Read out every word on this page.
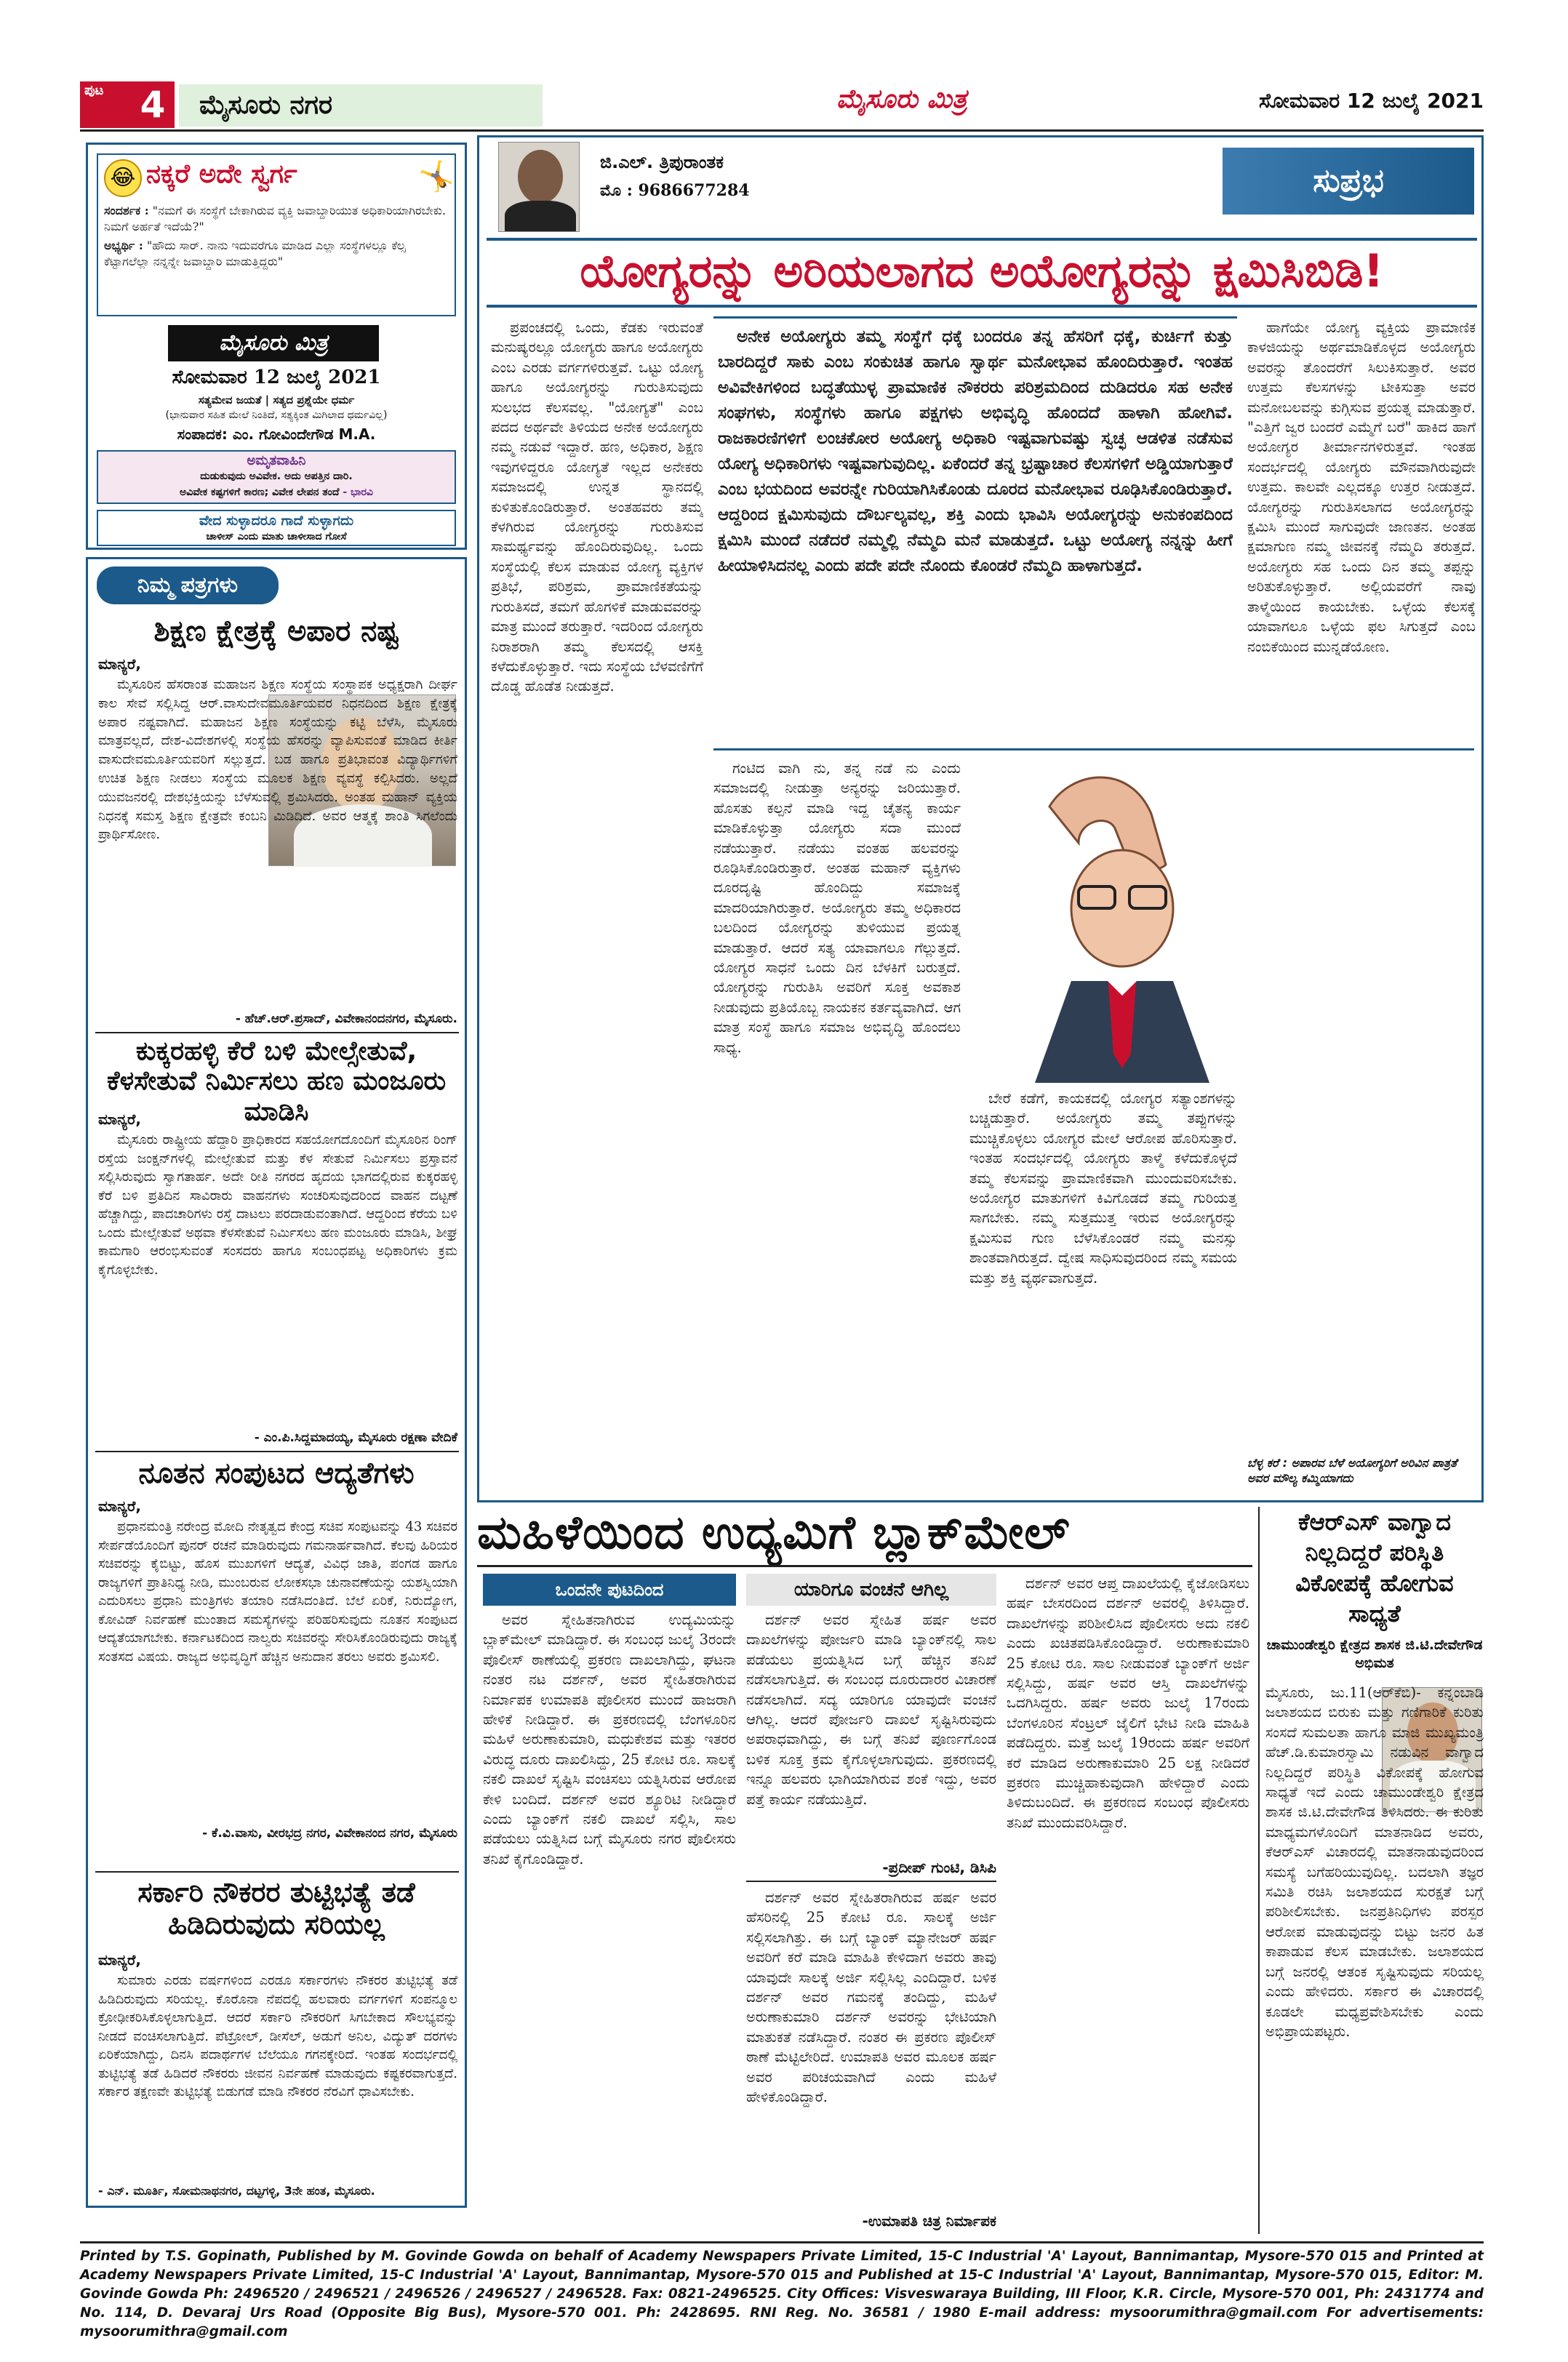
ಪುಟ 4	ಮೈಸೂರು ನಗರ	ಮೈಸೂರು ಮಿತ್ರ	ಸೋಮವಾರ 12 ಜುಲೈ 2021
😂 ನಕ್ಕರೆ ಅದೇ ಸ್ವರ್ಗ	🤸

ಸಂದರ್ಶಕ : "ನಮಗೆ ಈ ಸಂಸ್ಥೆಗೆ ಬೇಕಾಗಿರುವ ವ್ಯಕ್ತಿ ಜವಾಬ್ದಾರಿಯುತ ಅಧಿಕಾರಿಯಾಗಿರಬೇಕು. ನಿಮಗೆ ಅರ್ಹತೆ ಇದೆಯೆ?"

ಅಭ್ಯರ್ಥಿ : "ಹೌದು ಸಾರ್. ನಾನು ಇದುವರೆಗೂ ಮಾಡಿದ ಎಲ್ಲಾ ಸಂಸ್ಥೆಗಳಲ್ಲೂ ಕೆಲ್ಸ ಕೆಟ್ಟಾಗಲೆಲ್ಲಾ ನನ್ನನ್ನೇ ಜವಾಬ್ದಾರಿ ಮಾಡುತ್ತಿದ್ದರು"

ಮೈಸೂರು ಮಿತ್ರ
ಸೋಮವಾರ 12 ಜುಲೈ 2021
ಸತ್ಯಮೇವ ಜಯತೆ | ಸತ್ಯದ ಪ್ರಶ್ನೆಯೇ ಧರ್ಮ
(ಭಾನುವಾರ ಸಹಿತ ಮೇಲೆ ನಿಂತಿದೆ, ಸತ್ಯಕ್ಕಿಂತ ಮಿಗಿಲಾದ ಧರ್ಮವಿಲ್ಲ)
ಸಂಪಾದಕ: ಎಂ. ಗೋವಿಂದೇಗೌಡ M.A.
ಅಮೃತವಾಹಿನಿ
ದುಡುಕುವುದು ಅವಿವೇಕ. ಅದು ಅಪತ್ತಿನ ದಾರಿ.
ಅವಿವೇಕ ಕಷ್ಟಗಳಿಗೆ ಕಾರಣ; ವಿವೇಕ ಲೇಪನ ತಂದೆ - ಭಾರವಿ
ವೇದ ಸುಳ್ಳಾದರೂ ಗಾದೆ ಸುಳ್ಳಾಗದು
ಚಾಳೀಸ್‌ ಎಂದು ಮಾತು ಚಾಳೀಸಾದ ಗೋಸೆ
ನಿಮ್ಮ ಪತ್ರಗಳು
ಶಿಕ್ಷಣ ಕ್ಷೇತ್ರಕ್ಕೆ ಅಪಾರ ನಷ್ಟ
ಮಾನ್ಯರೆ,

ಮೈಸೂರಿನ ಹೆಸರಾಂತ ಮಹಾಜನ ಶಿಕ್ಷಣ ಸಂಸ್ಥೆಯ ಸಂಸ್ಥಾಪಕ ಅಧ್ಯಕ್ಷರಾಗಿ ದೀರ್ಘ ಕಾಲ ಸೇವೆ ಸಲ್ಲಿಸಿದ್ದ ಆರ್.ವಾಸುದೇವಮೂರ್ತಿಯವರ ನಿಧನದಿಂದ ಶಿಕ್ಷಣ ಕ್ಷೇತ್ರಕ್ಕೆ ಅಪಾರ ನಷ್ಟವಾಗಿದೆ. ಮಹಾಜನ ಶಿಕ್ಷಣ ಸಂಸ್ಥೆಯನ್ನು ಕಟ್ಟಿ ಬೆಳೆಸಿ, ಮೈಸೂರು ಮಾತ್ರವಲ್ಲದೆ, ದೇಶ-ವಿದೇಶಗಳಲ್ಲಿ ಸಂಸ್ಥೆಯ ಹೆಸರನ್ನು ವ್ಯಾಪಿಸುವಂತೆ ಮಾಡಿದ ಕೀರ್ತಿ ವಾಸುದೇವಮೂರ್ತಿಯವರಿಗೆ ಸಲ್ಲುತ್ತದೆ. ಬಡ ಹಾಗೂ ಪ್ರತಿಭಾವಂತ ವಿದ್ಯಾರ್ಥಿಗಳಿಗೆ ಉಚಿತ ಶಿಕ್ಷಣ ನೀಡಲು ಸಂಸ್ಥೆಯ ಮೂಲಕ ಶಿಕ್ಷಣ ವ್ಯವಸ್ಥೆ ಕಲ್ಪಿಸಿದರು. ಅಲ್ಲದೆ ಯುವಜನರಲ್ಲಿ ದೇಶಭಕ್ತಿಯನ್ನು ಬೆಳೆಸುವಲ್ಲಿ ಶ್ರಮಿಸಿದರು. ಅಂತಹ ಮಹಾನ್ ವ್ಯಕ್ತಿಯ ನಿಧನಕ್ಕೆ ಸಮಸ್ತ ಶಿಕ್ಷಣ ಕ್ಷೇತ್ರವೇ ಕಂಬನಿ ಮಿಡಿದಿದೆ. ಅವರ ಆತ್ಮಕ್ಕೆ ಶಾಂತಿ ಸಿಗಲೆಂದು ಪ್ರಾರ್ಥಿಸೋಣ.

- ಹೆಚ್.ಆರ್.ಪ್ರಸಾದ್, ವಿವೇಕಾನಂದನಗರ, ಮೈಸೂರು.
ಕುಕ್ಕರಹಳ್ಳಿ ಕೆರೆ ಬಳಿ ಮೇಲ್ಸೇತುವೆ, ಕೆಳಸೇತುವೆ ನಿರ್ಮಿಸಲು ಹಣ ಮಂಜೂರು ಮಾಡಿಸಿ
ಮಾನ್ಯರೆ,

ಮೈಸೂರು ರಾಷ್ಟ್ರೀಯ ಹೆದ್ದಾರಿ ಪ್ರಾಧಿಕಾರದ ಸಹಯೋಗದೊಂದಿಗೆ ಮೈಸೂರಿನ ರಿಂಗ್ ರಸ್ತೆಯ ಜಂಕ್ಷನ್‌ಗಳಲ್ಲಿ ಮೇಲ್ಸೇತುವೆ ಮತ್ತು ಕೆಳ ಸೇತುವೆ ನಿರ್ಮಿಸಲು ಪ್ರಸ್ತಾವನೆ ಸಲ್ಲಿಸಿರುವುದು ಸ್ವಾಗತಾರ್ಹ. ಅದೇ ರೀತಿ ನಗರದ ಹೃದಯ ಭಾಗದಲ್ಲಿರುವ ಕುಕ್ಕರಹಳ್ಳಿ ಕೆರೆ ಬಳಿ ಪ್ರತಿದಿನ ಸಾವಿರಾರು ವಾಹನಗಳು ಸಂಚರಿಸುವುದರಿಂದ ವಾಹನ ದಟ್ಟಣೆ ಹೆಚ್ಚಾಗಿದ್ದು, ಪಾದಚಾರಿಗಳು ರಸ್ತೆ ದಾಟಲು ಪರದಾಡುವಂತಾಗಿದೆ. ಆದ್ದರಿಂದ ಕೆರೆಯ ಬಳಿ ಒಂದು ಮೇಲ್ಸೇತುವೆ ಅಥವಾ ಕೆಳಸೇತುವೆ ನಿರ್ಮಿಸಲು ಹಣ ಮಂಜೂರು ಮಾಡಿಸಿ, ಶೀಘ್ರ ಕಾಮಗಾರಿ ಆರಂಭಿಸುವಂತೆ ಸಂಸದರು ಹಾಗೂ ಸಂಬಂಧಪಟ್ಟ ಅಧಿಕಾರಿಗಳು ಕ್ರಮ ಕೈಗೊಳ್ಳಬೇಕು.

- ಎಂ.ಪಿ.ಸಿದ್ದಮಾದಯ್ಯ, ಮೈಸೂರು ರಕ್ಷಣಾ ವೇದಿಕೆ
ನೂತನ ಸಂಪುಟದ ಆದ್ಯತೆಗಳು
ಮಾನ್ಯರೆ,

ಪ್ರಧಾನಮಂತ್ರಿ ನರೇಂದ್ರ ಮೋದಿ ನೇತೃತ್ವದ ಕೇಂದ್ರ ಸಚಿವ ಸಂಪುಟವನ್ನು 43 ಸಚಿವರ ಸೇರ್ಪಡೆಯೊಂದಿಗೆ ಪುನರ್‌ ರಚನೆ ಮಾಡಿರುವುದು ಗಮನಾರ್ಹವಾಗಿದೆ. ಕೆಲವು ಹಿರಿಯರ ಸಚಿವರನ್ನು ಕೈಬಿಟ್ಟು, ಹೊಸ ಮುಖಗಳಿಗೆ ಆದ್ಯತೆ, ವಿವಿಧ ಜಾತಿ, ಪಂಗಡ ಹಾಗೂ ರಾಜ್ಯಗಳಿಗೆ ಪ್ರಾತಿನಿಧ್ಯ ನೀಡಿ, ಮುಂಬರುವ ಲೋಕಸಭಾ ಚುನಾವಣೆಯನ್ನು ಯಶಸ್ವಿಯಾಗಿ ಎದುರಿಸಲು ಪ್ರಧಾನಿ ಮಂತ್ರಿಗಳು ತಯಾರಿ ನಡೆಸಿದಂತಿದೆ. ಬೆಲೆ ಏರಿಕೆ, ನಿರುದ್ಯೋಗ, ಕೋವಿಡ್ ನಿರ್ವಹಣೆ ಮುಂತಾದ ಸಮಸ್ಯೆಗಳನ್ನು ಪರಿಹರಿಸುವುದು ನೂತನ ಸಂಪುಟದ ಆದ್ಯತೆಯಾಗಬೇಕು. ಕರ್ನಾಟಕದಿಂದ ನಾಲ್ವರು ಸಚಿವರನ್ನು ಸೇರಿಸಿಕೊಂಡಿರುವುದು ರಾಜ್ಯಕ್ಕೆ ಸಂತಸದ ವಿಷಯ. ರಾಜ್ಯದ ಅಭಿವೃದ್ಧಿಗೆ ಹೆಚ್ಚಿನ ಅನುದಾನ ತರಲು ಅವರು ಶ್ರಮಿಸಲಿ.

- ಕೆ.ವಿ.ವಾಸು, ವೀರಭದ್ರ ನಗರ, ವಿವೇಕಾನಂದ ನಗರ, ಮೈಸೂರು
ಸರ್ಕಾರಿ ನೌಕರರ ತುಟ್ಟಿಭತ್ಯೆ ತಡೆ ಹಿಡಿದಿರುವುದು ಸರಿಯಲ್ಲ
ಮಾನ್ಯರೆ,

ಸುಮಾರು ಎರಡು ವರ್ಷಗಳಿಂದ ಎರಡೂ ಸರ್ಕಾರಗಳು ನೌಕರರ ತುಟ್ಟಿಭತ್ಯೆ ತಡೆ ಹಿಡಿದಿರುವುದು ಸರಿಯಲ್ಲ. ಕೊರೊನಾ ನೆಪದಲ್ಲಿ ಹಲವಾರು ವರ್ಗಗಳಿಗೆ ಸಂಪನ್ಮೂಲ ಕ್ರೋಢೀಕರಿಸಿಕೊಳ್ಳಲಾಗುತ್ತಿದೆ. ಆದರೆ ಸರ್ಕಾರಿ ನೌಕರರಿಗೆ ಸಿಗಬೇಕಾದ ಸೌಲಭ್ಯವನ್ನು ನೀಡದೆ ವಂಚಿಸಲಾಗುತ್ತಿದೆ. ಪೆಟ್ರೋಲ್, ಡೀಸೆಲ್, ಅಡುಗೆ ಅನಿಲ, ವಿದ್ಯುತ್ ದರಗಳು ಏರಿಕೆಯಾಗಿದ್ದು, ದಿನಸಿ ಪದಾರ್ಥಗಳ ಬೆಲೆಯೂ ಗಗನಕ್ಕೇರಿದೆ. ಇಂತಹ ಸಂದರ್ಭದಲ್ಲಿ ತುಟ್ಟಿಭತ್ಯೆ ತಡೆ ಹಿಡಿದರೆ ನೌಕರರು ಜೀವನ ನಿರ್ವಹಣೆ ಮಾಡುವುದು ಕಷ್ಟಕರವಾಗುತ್ತದೆ. ಸರ್ಕಾರ ತಕ್ಷಣವೇ ತುಟ್ಟಿಭತ್ಯೆ ಬಿಡುಗಡೆ ಮಾಡಿ ನೌಕರರ ನೆರವಿಗೆ ಧಾವಿಸಬೇಕು.

- ಎನ್. ಮೂರ್ತಿ, ಸೋಮನಾಥನಗರ, ದಟ್ಟಗಳ್ಳಿ, 3ನೇ ಹಂತ, ಮೈಸೂರು.
ಜಿ.ಎಲ್. ತ್ರಿಪುರಾಂತಕ
ಮೊ : 9686677284	ಸುಪ್ರಭ
ಯೋಗ್ಯರನ್ನು ಅರಿಯಲಾಗದ ಅಯೋಗ್ಯರನ್ನು ಕ್ಷಮಿಸಿಬಿಡಿ!

ಪ್ರಪಂಚದಲ್ಲಿ ಒಂದು, ಕೆಡಕು ಇರುವಂತೆ ಮನುಷ್ಯರಲ್ಲೂ ಯೋಗ್ಯರು ಹಾಗೂ ಅಯೋಗ್ಯರು ಎಂಬ ಎರಡು ವರ್ಗಗಳಿರುತ್ತವೆ. ಒಟ್ಟು ಯೋಗ್ಯ ಹಾಗೂ ಅಯೋಗ್ಯರನ್ನು ಗುರುತಿಸುವುದು ಸುಲಭದ ಕೆಲಸವಲ್ಲ. "ಯೋಗ್ಯತೆ" ಎಂಬ ಪದದ ಅರ್ಥವೇ ತಿಳಿಯದ ಅನೇಕ ಅಯೋಗ್ಯರು ನಮ್ಮ ನಡುವೆ ಇದ್ದಾರೆ. ಹಣ, ಅಧಿಕಾರ, ಶಿಕ್ಷಣ ಇವುಗಳಿದ್ದರೂ ಯೋಗ್ಯತೆ ಇಲ್ಲದ ಅನೇಕರು ಸಮಾಜದಲ್ಲಿ ಉನ್ನತ ಸ್ಥಾನದಲ್ಲಿ ಕುಳಿತುಕೊಂಡಿರುತ್ತಾರೆ. ಅಂತಹವರು ತಮ್ಮ ಕೆಳಗಿರುವ ಯೋಗ್ಯರನ್ನು ಗುರುತಿಸುವ ಸಾಮರ್ಥ್ಯವನ್ನು ಹೊಂದಿರುವುದಿಲ್ಲ. ಒಂದು ಸಂಸ್ಥೆಯಲ್ಲಿ ಕೆಲಸ ಮಾಡುವ ಯೋಗ್ಯ ವ್ಯಕ್ತಿಗಳ ಪ್ರತಿಭೆ, ಪರಿಶ್ರಮ, ಪ್ರಾಮಾಣಿಕತೆಯನ್ನು ಗುರುತಿಸದೆ, ತಮಗೆ ಹೊಗಳಿಕೆ ಮಾಡುವವರನ್ನು ಮಾತ್ರ ಮುಂದೆ ತರುತ್ತಾರೆ. ಇದರಿಂದ ಯೋಗ್ಯರು ನಿರಾಶರಾಗಿ ತಮ್ಮ ಕೆಲಸದಲ್ಲಿ ಆಸಕ್ತಿ ಕಳೆದುಕೊಳ್ಳುತ್ತಾರೆ. ಇದು ಸಂಸ್ಥೆಯ ಬೆಳವಣಿಗೆಗೆ ದೊಡ್ಡ ಹೊಡೆತ ನೀಡುತ್ತದೆ.

ಅನೇಕ ಅಯೋಗ್ಯರು ತಮ್ಮ ಸಂಸ್ಥೆಗೆ ಧಕ್ಕೆ ಬಂದರೂ ತನ್ನ ಹೆಸರಿಗೆ ಧಕ್ಕೆ, ಕುರ್ಚಿಗೆ ಕುತ್ತು ಬಾರದಿದ್ದರೆ ಸಾಕು ಎಂಬ ಸಂಕುಚಿತ ಹಾಗೂ ಸ್ವಾರ್ಥ ಮನೋಭಾವ ಹೊಂದಿರುತ್ತಾರೆ. ಇಂತಹ ಅವಿವೇಕಿಗಳಿಂದ ಬದ್ಧತೆಯುಳ್ಳ ಪ್ರಾಮಾಣಿಕ ನೌಕರರು ಪರಿಶ್ರಮದಿಂದ ದುಡಿದರೂ ಸಹ ಅನೇಕ ಸಂಘಗಳು, ಸಂಸ್ಥೆಗಳು ಹಾಗೂ ಪಕ್ಷಗಳು ಅಭಿವೃದ್ಧಿ ಹೊಂದದೆ ಹಾಳಾಗಿ ಹೋಗಿವೆ. ರಾಜಕಾರಣಿಗಳಿಗೆ ಲಂಚಕೋರ ಅಯೋಗ್ಯ ಅಧಿಕಾರಿ ಇಷ್ಟವಾಗುವಷ್ಟು ಸ್ವಚ್ಛ ಆಡಳಿತ ನಡೆಸುವ ಯೋಗ್ಯ ಅಧಿಕಾರಿಗಳು ಇಷ್ಟವಾಗುವುದಿಲ್ಲ. ಏಕೆಂದರೆ ತನ್ನ ಭ್ರಷ್ಟಾಚಾರ ಕೆಲಸಗಳಿಗೆ ಅಡ್ಡಿಯಾಗುತ್ತಾರೆ ಎಂಬ ಭಯದಿಂದ ಅವರನ್ನೇ ಗುರಿಯಾಗಿಸಿಕೊಂಡು ದೂರದ ಮನೋಭಾವ ರೂಢಿಸಿಕೊಂಡಿರುತ್ತಾರೆ. ಆದ್ದರಿಂದ ಕ್ಷಮಿಸುವುದು ದೌರ್ಬಲ್ಯವಲ್ಲ, ಶಕ್ತಿ ಎಂದು ಭಾವಿಸಿ ಅಯೋಗ್ಯರನ್ನು ಅನುಕಂಪದಿಂದ ಕ್ಷಮಿಸಿ ಮುಂದೆ ನಡೆದರೆ ನಮ್ಮಲ್ಲಿ ನೆಮ್ಮದಿ ಮನೆ ಮಾಡುತ್ತದೆ. ಒಟ್ಟು ಅಯೋಗ್ಯ ನನ್ನನ್ನು ಹೀಗೆ ಹೀಯಾಳಿಸಿದನಲ್ಲ ಎಂದು ಪದೇ ಪದೇ ನೊಂದು ಕೊಂಡರೆ ನೆಮ್ಮದಿ ಹಾಳಾಗುತ್ತದೆ.

ಗಂಟಿದ ವಾಗಿ ನು, ತನ್ನ ನಡೆ ನು ಎಂದು ಸಮಾಜದಲ್ಲಿ ನೀಡುತ್ತಾ ಅನ್ಯರನ್ನು ಜರಿಯುತ್ತಾರೆ. ಹೊಸತು ಕಲ್ಪನೆ ಮಾಡಿ ಇದ್ದ ಚೈತನ್ಯ ಕಾರ್ಯ ಮಾಡಿಕೊಳ್ಳುತ್ತಾ ಯೋಗ್ಯರು ಸದಾ ಮುಂದೆ ನಡೆಯುತ್ತಾರೆ. ನಡೆಯು ವಂತಹ ಹಲವರನ್ನು ರೂಢಿಸಿಕೊಂಡಿರುತ್ತಾರೆ. ಅಂತಹ ಮಹಾನ್ ವ್ಯಕ್ತಿಗಳು ದೂರದೃಷ್ಟಿ ಹೊಂದಿದ್ದು ಸಮಾಜಕ್ಕೆ ಮಾದರಿಯಾಗಿರುತ್ತಾರೆ. ಅಯೋಗ್ಯರು ತಮ್ಮ ಅಧಿಕಾರದ ಬಲದಿಂದ ಯೋಗ್ಯರನ್ನು ತುಳಿಯುವ ಪ್ರಯತ್ನ ಮಾಡುತ್ತಾರೆ. ಆದರೆ ಸತ್ಯ ಯಾವಾಗಲೂ ಗೆಲ್ಲುತ್ತದೆ. ಯೋಗ್ಯರ ಸಾಧನೆ ಒಂದು ದಿನ ಬೆಳಕಿಗೆ ಬರುತ್ತದೆ. ಯೋಗ್ಯರನ್ನು ಗುರುತಿಸಿ ಅವರಿಗೆ ಸೂಕ್ತ ಅವಕಾಶ ನೀಡುವುದು ಪ್ರತಿಯೊಬ್ಬ ನಾಯಕನ ಕರ್ತವ್ಯವಾಗಿದೆ. ಆಗ ಮಾತ್ರ ಸಂಸ್ಥೆ ಹಾಗೂ ಸಮಾಜ ಅಭಿವೃದ್ಧಿ ಹೊಂದಲು ಸಾಧ್ಯ.

ಬೇರೆ ಕಡೆಗೆ, ಕಾಯಕದಲ್ಲಿ ಯೋಗ್ಯರ ಸತ್ಯಾಂಶಗಳನ್ನು ಬಚ್ಚಿಡುತ್ತಾರೆ. ಅಯೋಗ್ಯರು ತಮ್ಮ ತಪ್ಪುಗಳನ್ನು ಮುಚ್ಚಿಕೊಳ್ಳಲು ಯೋಗ್ಯರ ಮೇಲೆ ಆರೋಪ ಹೊರಿಸುತ್ತಾರೆ. ಇಂತಹ ಸಂದರ್ಭದಲ್ಲಿ ಯೋಗ್ಯರು ತಾಳ್ಮೆ ಕಳೆದುಕೊಳ್ಳದೆ ತಮ್ಮ ಕೆಲಸವನ್ನು ಪ್ರಾಮಾಣಿಕವಾಗಿ ಮುಂದುವರಿಸಬೇಕು. ಅಯೋಗ್ಯರ ಮಾತುಗಳಿಗೆ ಕಿವಿಗೊಡದೆ ತಮ್ಮ ಗುರಿಯತ್ತ ಸಾಗಬೇಕು. ನಮ್ಮ ಸುತ್ತಮುತ್ತ ಇರುವ ಅಯೋಗ್ಯರನ್ನು ಕ್ಷಮಿಸುವ ಗುಣ ಬೆಳೆಸಿಕೊಂಡರೆ ನಮ್ಮ ಮನಸ್ಸು ಶಾಂತವಾಗಿರುತ್ತದೆ. ದ್ವೇಷ ಸಾಧಿಸುವುದರಿಂದ ನಮ್ಮ ಸಮಯ ಮತ್ತು ಶಕ್ತಿ ವ್ಯರ್ಥವಾಗುತ್ತದೆ.

ಹಾಗೆಯೇ ಯೋಗ್ಯ ವ್ಯಕ್ತಿಯ ಪ್ರಾಮಾಣಿಕ ಕಾಳಜಿಯನ್ನು ಅರ್ಥಮಾಡಿಕೊಳ್ಳದ ಅಯೋಗ್ಯರು ಅವರನ್ನು ತೊಂದರೆಗೆ ಸಿಲುಕಿಸುತ್ತಾರೆ. ಅವರ ಉತ್ತಮ ಕೆಲಸಗಳನ್ನು ಟೀಕಿಸುತ್ತಾ ಅವರ ಮನೋಬಲವನ್ನು ಕುಗ್ಗಿಸುವ ಪ್ರಯತ್ನ ಮಾಡುತ್ತಾರೆ. "ಎತ್ತಿಗೆ ಜ್ವರ ಬಂದರೆ ಎಮ್ಮೆಗೆ ಬರೆ" ಹಾಕಿದ ಹಾಗೆ ಅಯೋಗ್ಯರ ತೀರ್ಮಾನಗಳಿರುತ್ತವೆ. ಇಂತಹ ಸಂದರ್ಭದಲ್ಲಿ ಯೋಗ್ಯರು ಮೌನವಾಗಿರುವುದೇ ಉತ್ತಮ. ಕಾಲವೇ ಎಲ್ಲದಕ್ಕೂ ಉತ್ತರ ನೀಡುತ್ತದೆ. ಯೋಗ್ಯರನ್ನು ಗುರುತಿಸಲಾಗದ ಅಯೋಗ್ಯರನ್ನು ಕ್ಷಮಿಸಿ ಮುಂದೆ ಸಾಗುವುದೇ ಜಾಣತನ. ಅಂತಹ ಕ್ಷಮಾಗುಣ ನಮ್ಮ ಜೀವನಕ್ಕೆ ನೆಮ್ಮದಿ ತರುತ್ತದೆ. ಅಯೋಗ್ಯರು ಸಹ ಒಂದು ದಿನ ತಮ್ಮ ತಪ್ಪನ್ನು ಅರಿತುಕೊಳ್ಳುತ್ತಾರೆ. ಅಲ್ಲಿಯವರೆಗೆ ನಾವು ತಾಳ್ಮೆಯಿಂದ ಕಾಯಬೇಕು. ಒಳ್ಳೆಯ ಕೆಲಸಕ್ಕೆ ಯಾವಾಗಲೂ ಒಳ್ಳೆಯ ಫಲ ಸಿಗುತ್ತದೆ ಎಂಬ ನಂಬಿಕೆಯಿಂದ ಮುನ್ನಡೆಯೋಣ.

ಬೆಳ್ಳ ಕರೆ : ಅಪಾರವ ಬೆಳೆ ಅಯೋಗ್ಯರಿಗೆ ಅರಿವಿನ ಪಾತ್ರತೆ ಅವರ ಮೌಲ್ಯ ಕಮ್ಮಿಯಾಗದು
ಮಹಿಳೆಯಿಂದ ಉದ್ಯಮಿಗೆ ಬ್ಲಾಕ್‌ಮೇಲ್
ಒಂದನೇ ಪುಟದಿಂದ

ಅವರ ಸ್ನೇಹಿತನಾಗಿರುವ ಉದ್ಯಮಿಯನ್ನು ಬ್ಲಾಕ್‌ಮೇಲ್ ಮಾಡಿದ್ದಾರೆ. ಈ ಸಂಬಂಧ ಜುಲೈ 3ರಂದೇ ಪೊಲೀಸ್ ಠಾಣೆಯಲ್ಲಿ ಪ್ರಕರಣ ದಾಖಲಾಗಿದ್ದು, ಘಟನಾ ನಂತರ ನಟ ದರ್ಶನ್, ಅವರ ಸ್ನೇಹಿತರಾಗಿರುವ ನಿರ್ಮಾಪಕ ಉಮಾಪತಿ ಪೊಲೀಸರ ಮುಂದೆ ಹಾಜರಾಗಿ ಹೇಳಿಕೆ ನೀಡಿದ್ದಾರೆ. ಈ ಪ್ರಕರಣದಲ್ಲಿ ಬೆಂಗಳೂರಿನ ಮಹಿಳೆ ಅರುಣಾಕುಮಾರಿ, ಮಧುಕೇಶವ ಮತ್ತು ಇತರರ ವಿರುದ್ಧ ದೂರು ದಾಖಲಿಸಿದ್ದು, 25 ಕೋಟಿ ರೂ. ಸಾಲಕ್ಕೆ ನಕಲಿ ದಾಖಲೆ ಸೃಷ್ಟಿಸಿ ವಂಚಿಸಲು ಯತ್ನಿಸಿರುವ ಆರೋಪ ಕೇಳಿ ಬಂದಿದೆ. ದರ್ಶನ್ ಅವರ ಶ್ಯೂರಿಟಿ ನೀಡಿದ್ದಾರೆ ಎಂದು ಬ್ಯಾಂಕ್‌ಗೆ ನಕಲಿ ದಾಖಲೆ ಸಲ್ಲಿಸಿ, ಸಾಲ ಪಡೆಯಲು ಯತ್ನಿಸಿದ ಬಗ್ಗೆ ಮೈಸೂರು ನಗರ ಪೊಲೀಸರು ತನಿಖೆ ಕೈಗೊಂಡಿದ್ದಾರೆ.

ಯಾರಿಗೂ ವಂಚನೆ ಆಗಿಲ್ಲ

ದರ್ಶನ್ ಅವರ ಸ್ನೇಹಿತ ಹರ್ಷ ಅವರ ದಾಖಲೆಗಳನ್ನು ಪೋರ್ಜರಿ ಮಾಡಿ ಬ್ಯಾಂಕ್‌ನಲ್ಲಿ ಸಾಲ ಪಡೆಯಲು ಪ್ರಯತ್ನಿಸಿದ ಬಗ್ಗೆ ಹೆಚ್ಚಿನ ತನಿಖೆ ನಡೆಸಲಾಗುತ್ತಿದೆ. ಈ ಸಂಬಂಧ ದೂರುದಾರರ ವಿಚಾರಣೆ ನಡೆಸಲಾಗಿದೆ. ಸದ್ಯ ಯಾರಿಗೂ ಯಾವುದೇ ವಂಚನೆ ಆಗಿಲ್ಲ. ಆದರೆ ಪೋರ್ಜರಿ ದಾಖಲೆ ಸೃಷ್ಟಿಸಿರುವುದು ಅಪರಾಧವಾಗಿದ್ದು, ಈ ಬಗ್ಗೆ ತನಿಖೆ ಪೂರ್ಣಗೊಂಡ ಬಳಿಕ ಸೂಕ್ತ ಕ್ರಮ ಕೈಗೊಳ್ಳಲಾಗುವುದು. ಪ್ರಕರಣದಲ್ಲಿ ಇನ್ನೂ ಹಲವರು ಭಾಗಿಯಾಗಿರುವ ಶಂಕೆ ಇದ್ದು, ಅವರ ಪತ್ತೆ ಕಾರ್ಯ ನಡೆಯುತ್ತಿದೆ.

-ಪ್ರದೀಪ್ ಗುಂಟಿ, ಡಿಸಿಪಿ

ದರ್ಶನ್ ಅವರ ಸ್ನೇಹಿತರಾಗಿರುವ ಹರ್ಷ ಅವರ ಹೆಸರಿನಲ್ಲಿ 25 ಕೋಟಿ ರೂ. ಸಾಲಕ್ಕೆ ಅರ್ಜಿ ಸಲ್ಲಿಸಲಾಗಿತ್ತು. ಈ ಬಗ್ಗೆ ಬ್ಯಾಂಕ್ ಮ್ಯಾನೇಜರ್ ಹರ್ಷ ಅವರಿಗೆ ಕರೆ ಮಾಡಿ ಮಾಹಿತಿ ಕೇಳಿದಾಗ ಅವರು ತಾವು ಯಾವುದೇ ಸಾಲಕ್ಕೆ ಅರ್ಜಿ ಸಲ್ಲಿಸಿಲ್ಲ ಎಂದಿದ್ದಾರೆ. ಬಳಿಕ ದರ್ಶನ್ ಅವರ ಗಮನಕ್ಕೆ ತಂದಿದ್ದು, ಮಹಿಳೆ ಅರುಣಾಕುಮಾರಿ ದರ್ಶನ್ ಅವರನ್ನು ಭೇಟಿಯಾಗಿ ಮಾತುಕತೆ ನಡೆಸಿದ್ದಾರೆ. ನಂತರ ಈ ಪ್ರಕರಣ ಪೊಲೀಸ್ ಠಾಣೆ ಮೆಟ್ಟಿಲೇರಿದೆ. ಉಮಾಪತಿ ಅವರ ಮೂಲಕ ಹರ್ಷ ಅವರ ಪರಿಚಯವಾಗಿದೆ ಎಂದು ಮಹಿಳೆ ಹೇಳಿಕೊಂಡಿದ್ದಾರೆ.

-ಉಮಾಪತಿ ಚಿತ್ರ ನಿರ್ಮಾಪಕ

ದರ್ಶನ್ ಅವರ ಆಪ್ತ ದಾಖಲೆಯಲ್ಲಿ ಕೈಜೋಡಿಸಲು ಹರ್ಷ ಬೇಸರದಿಂದ ದರ್ಶನ್ ಅವರಲ್ಲಿ ತಿಳಿಸಿದ್ದಾರೆ. ದಾಖಲೆಗಳನ್ನು ಪರಿಶೀಲಿಸಿದ ಪೊಲೀಸರು ಅದು ನಕಲಿ ಎಂದು ಖಚಿತಪಡಿಸಿಕೊಂಡಿದ್ದಾರೆ. ಅರುಣಾಕುಮಾರಿ 25 ಕೋಟಿ ರೂ. ಸಾಲ ನೀಡುವಂತೆ ಬ್ಯಾಂಕ್‌ಗೆ ಅರ್ಜಿ ಸಲ್ಲಿಸಿದ್ದು, ಹರ್ಷ ಅವರ ಆಸ್ತಿ ದಾಖಲೆಗಳನ್ನು ಒದಗಿಸಿದ್ದರು. ಹರ್ಷ ಅವರು ಜುಲೈ 17ರಂದು ಬೆಂಗಳೂರಿನ ಸೆಂಟ್ರಲ್ ಜೈಲಿಗೆ ಭೇಟಿ ನೀಡಿ ಮಾಹಿತಿ ಪಡೆದಿದ್ದರು. ಮತ್ತೆ ಜುಲೈ 19ರಂದು ಹರ್ಷ ಅವರಿಗೆ ಕರೆ ಮಾಡಿದ ಅರುಣಾಕುಮಾರಿ 25 ಲಕ್ಷ ನೀಡಿದರೆ ಪ್ರಕರಣ ಮುಚ್ಚಿಹಾಕುವುದಾಗಿ ಹೇಳಿದ್ದಾರೆ ಎಂದು ತಿಳಿದುಬಂದಿದೆ. ಈ ಪ್ರಕರಣದ ಸಂಬಂಧ ಪೊಲೀಸರು ತನಿಖೆ ಮುಂದುವರಿಸಿದ್ದಾರೆ.

ಕೆಆರ್‌ಎಸ್ ವಾಗ್ವಾದ ನಿಲ್ಲದಿದ್ದರೆ ಪರಿಸ್ಥಿತಿ ವಿಕೋಪಕ್ಕೆ ಹೋಗುವ ಸಾಧ್ಯತೆ
ಚಾಮುಂಡೇಶ್ವರಿ ಕ್ಷೇತ್ರದ ಶಾಸಕ ಜಿ.ಟಿ.ದೇವೇಗೌಡ ಅಭಿಮತ

ಮೈಸೂರು, ಜು.11(ಆರ್‌ಕೆಬಿ)- ಕನ್ನಂಬಾಡಿ ಜಲಾಶಯದ ಬಿರುಕು ಮತ್ತು ಗಣಿಗಾರಿಕೆ ಕುರಿತು ಸಂಸದೆ ಸುಮಲತಾ ಹಾಗೂ ಮಾಜಿ ಮುಖ್ಯಮಂತ್ರಿ ಹೆಚ್.ಡಿ.ಕುಮಾರಸ್ವಾಮಿ ನಡುವಿನ ವಾಗ್ವಾದ ನಿಲ್ಲದಿದ್ದರೆ ಪರಿಸ್ಥಿತಿ ವಿಕೋಪಕ್ಕೆ ಹೋಗುವ ಸಾಧ್ಯತೆ ಇದೆ ಎಂದು ಚಾಮುಂಡೇಶ್ವರಿ ಕ್ಷೇತ್ರದ ಶಾಸಕ ಜಿ.ಟಿ.ದೇವೇಗೌಡ ತಿಳಿಸಿದರು. ಈ ಕುರಿತು ಮಾಧ್ಯಮಗಳೊಂದಿಗೆ ಮಾತನಾಡಿದ ಅವರು, ಕೆಆರ್‌ಎಸ್ ವಿಚಾರದಲ್ಲಿ ಮಾತನಾಡುವುದರಿಂದ ಸಮಸ್ಯೆ ಬಗೆಹರಿಯುವುದಿಲ್ಲ. ಬದಲಾಗಿ ತಜ್ಞರ ಸಮಿತಿ ರಚಿಸಿ ಜಲಾಶಯದ ಸುರಕ್ಷತೆ ಬಗ್ಗೆ ಪರಿಶೀಲಿಸಬೇಕು. ಜನಪ್ರತಿನಿಧಿಗಳು ಪರಸ್ಪರ ಆರೋಪ ಮಾಡುವುದನ್ನು ಬಿಟ್ಟು ಜನರ ಹಿತ ಕಾಪಾಡುವ ಕೆಲಸ ಮಾಡಬೇಕು. ಜಲಾಶಯದ ಬಗ್ಗೆ ಜನರಲ್ಲಿ ಆತಂಕ ಸೃಷ್ಟಿಸುವುದು ಸರಿಯಲ್ಲ ಎಂದು ಹೇಳಿದರು. ಸರ್ಕಾರ ಈ ವಿಚಾರದಲ್ಲಿ ಕೂಡಲೇ ಮಧ್ಯಪ್ರವೇಶಿಸಬೇಕು ಎಂದು ಅಭಿಪ್ರಾಯಪಟ್ಟರು.

Printed by T.S. Gopinath, Published by M. Govinde Gowda on behalf of Academy Newspapers Private Limited, 15-C Industrial 'A' Layout, Bannimantap, Mysore-570 015 and Printed at Academy Newspapers Private Limited, 15-C Industrial 'A' Layout, Bannimantap, Mysore-570 015 and Published at 15-C Industrial 'A' Layout, Bannimantap, Mysore-570 015, Editor: M. Govinde Gowda Ph: 2496520 / 2496521 / 2496526 / 2496527 / 2496528. Fax: 0821-2496525. City Offices: Visveswaraya Building, III Floor, K.R. Circle, Mysore-570 001, Ph: 2431774 and No. 114, D. Devaraj Urs Road (Opposite Big Bus), Mysore-570 001. Ph: 2428695. RNI Reg. No. 36581 / 1980 E-mail address: mysoorumithra@gmail.com For advertisements: mysoorumithra@gmail.com
